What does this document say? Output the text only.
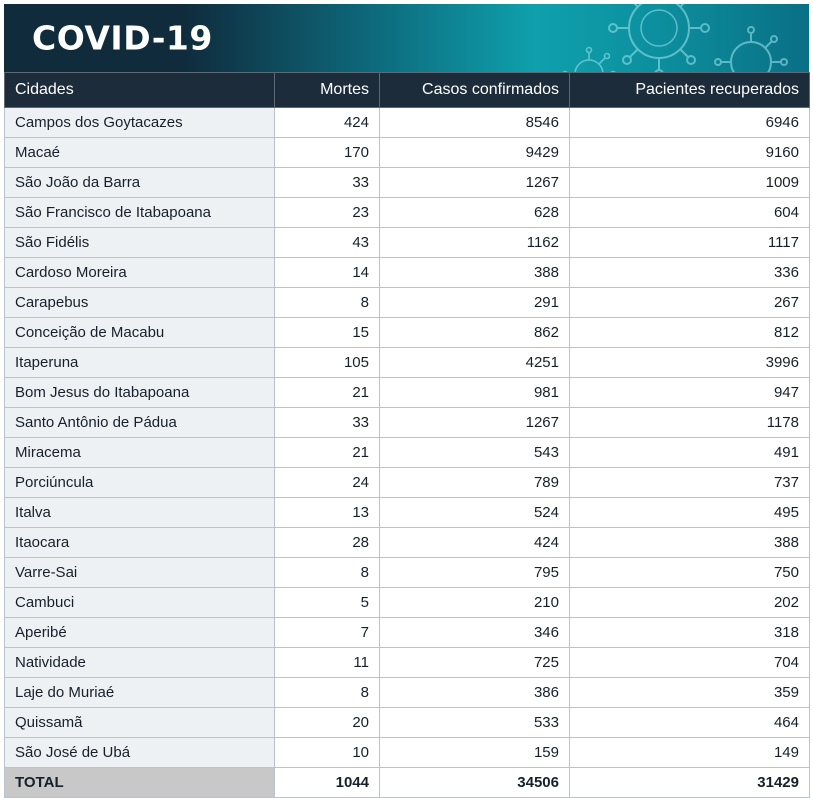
COVID-19
Cidades	Mortes	Casos confirmados	Pacientes recuperados
Campos dos Goytacazes	424	8546	6946
Macaé	170	9429	9160
São João da Barra	33	1267	1009
São Francisco de Itabapoana	23	628	604
São Fidélis	43	1162	1117
Cardoso Moreira	14	388	336
Carapebus	8	291	267
Conceição de Macabu	15	862	812
Itaperuna	105	4251	3996
Bom Jesus do Itabapoana	21	981	947
Santo Antônio de Pádua	33	1267	1178
Miracema	21	543	491
Porciúncula	24	789	737
Italva	13	524	495
Itaocara	28	424	388
Varre-Sai	8	795	750
Cambuci	5	210	202
Aperibé	7	346	318
Natividade	11	725	704
Laje do Muriaé	8	386	359
Quissamã	20	533	464
São José de Ubá	10	159	149
TOTAL	1044	34506	31429
